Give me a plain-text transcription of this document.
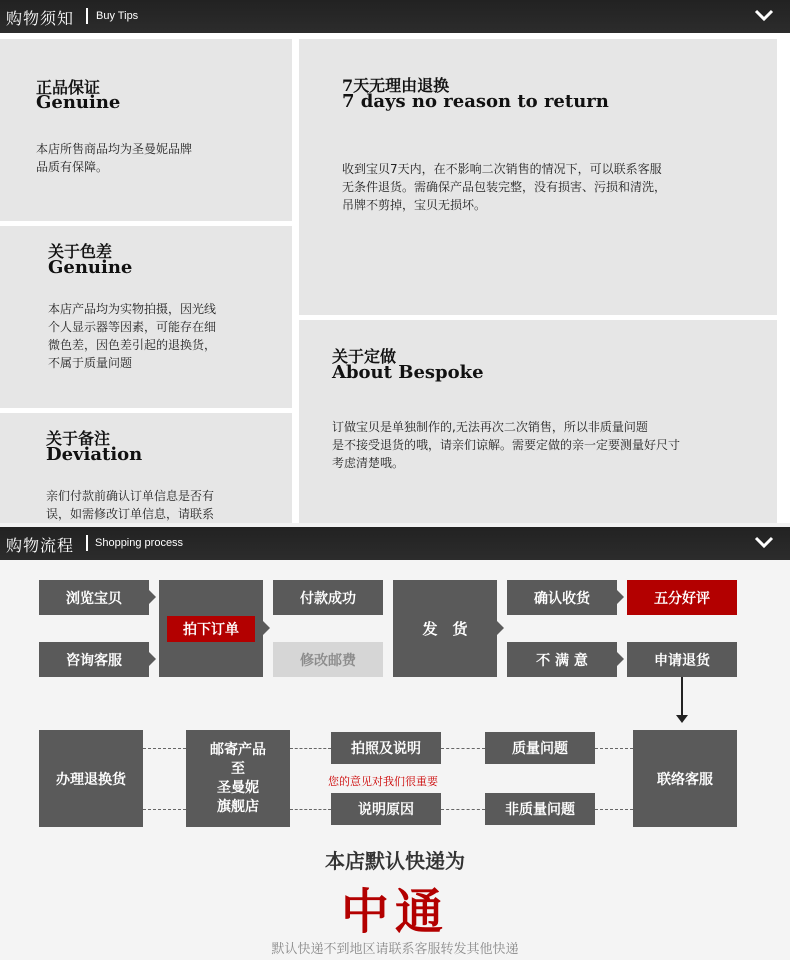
购物须知 Buy Tips
正品保证
Genuine
本店所售商品均为圣曼妮品牌
品质有保障。
7天无理由退换
7 days no reason to return
收到宝贝7天内，在不影响二次销售的情况下，可以联系客服
无条件退货。需确保产品包装完整，没有损害、污损和清洗，
吊牌不剪掉，宝贝无损坏。
关于色差
Genuine
本店产品均为实物拍摄，因光线
个人显示器等因素，可能存在细
微色差，因色差引起的退换货，
不属于质量问题	关于定做
About Bespoke
订做宝贝是单独制作的,无法再次二次销售，所以非质量问题
是不接受退货的哦，请亲们谅解。需要定做的亲一定要测量好尺寸
考虑清楚哦。
关于备注
Deviation
亲们付款前确认订单信息是否有
误，如需修改订单信息，请联系
购物流程 Shopping process
浏览宝贝
咨询客服
拍下订单
付款成功
修改邮费
发　货
确认收货	五分好评
不 满 意	申请退货
办理退换货
邮寄产品
至
圣曼妮
旗舰店
联络客服
拍照及说明	质量问题
说明原因	非质量问题
您的意见对我们很重要
本店默认快递为
中通
默认快递不到地区请联系客服转发其他快递
